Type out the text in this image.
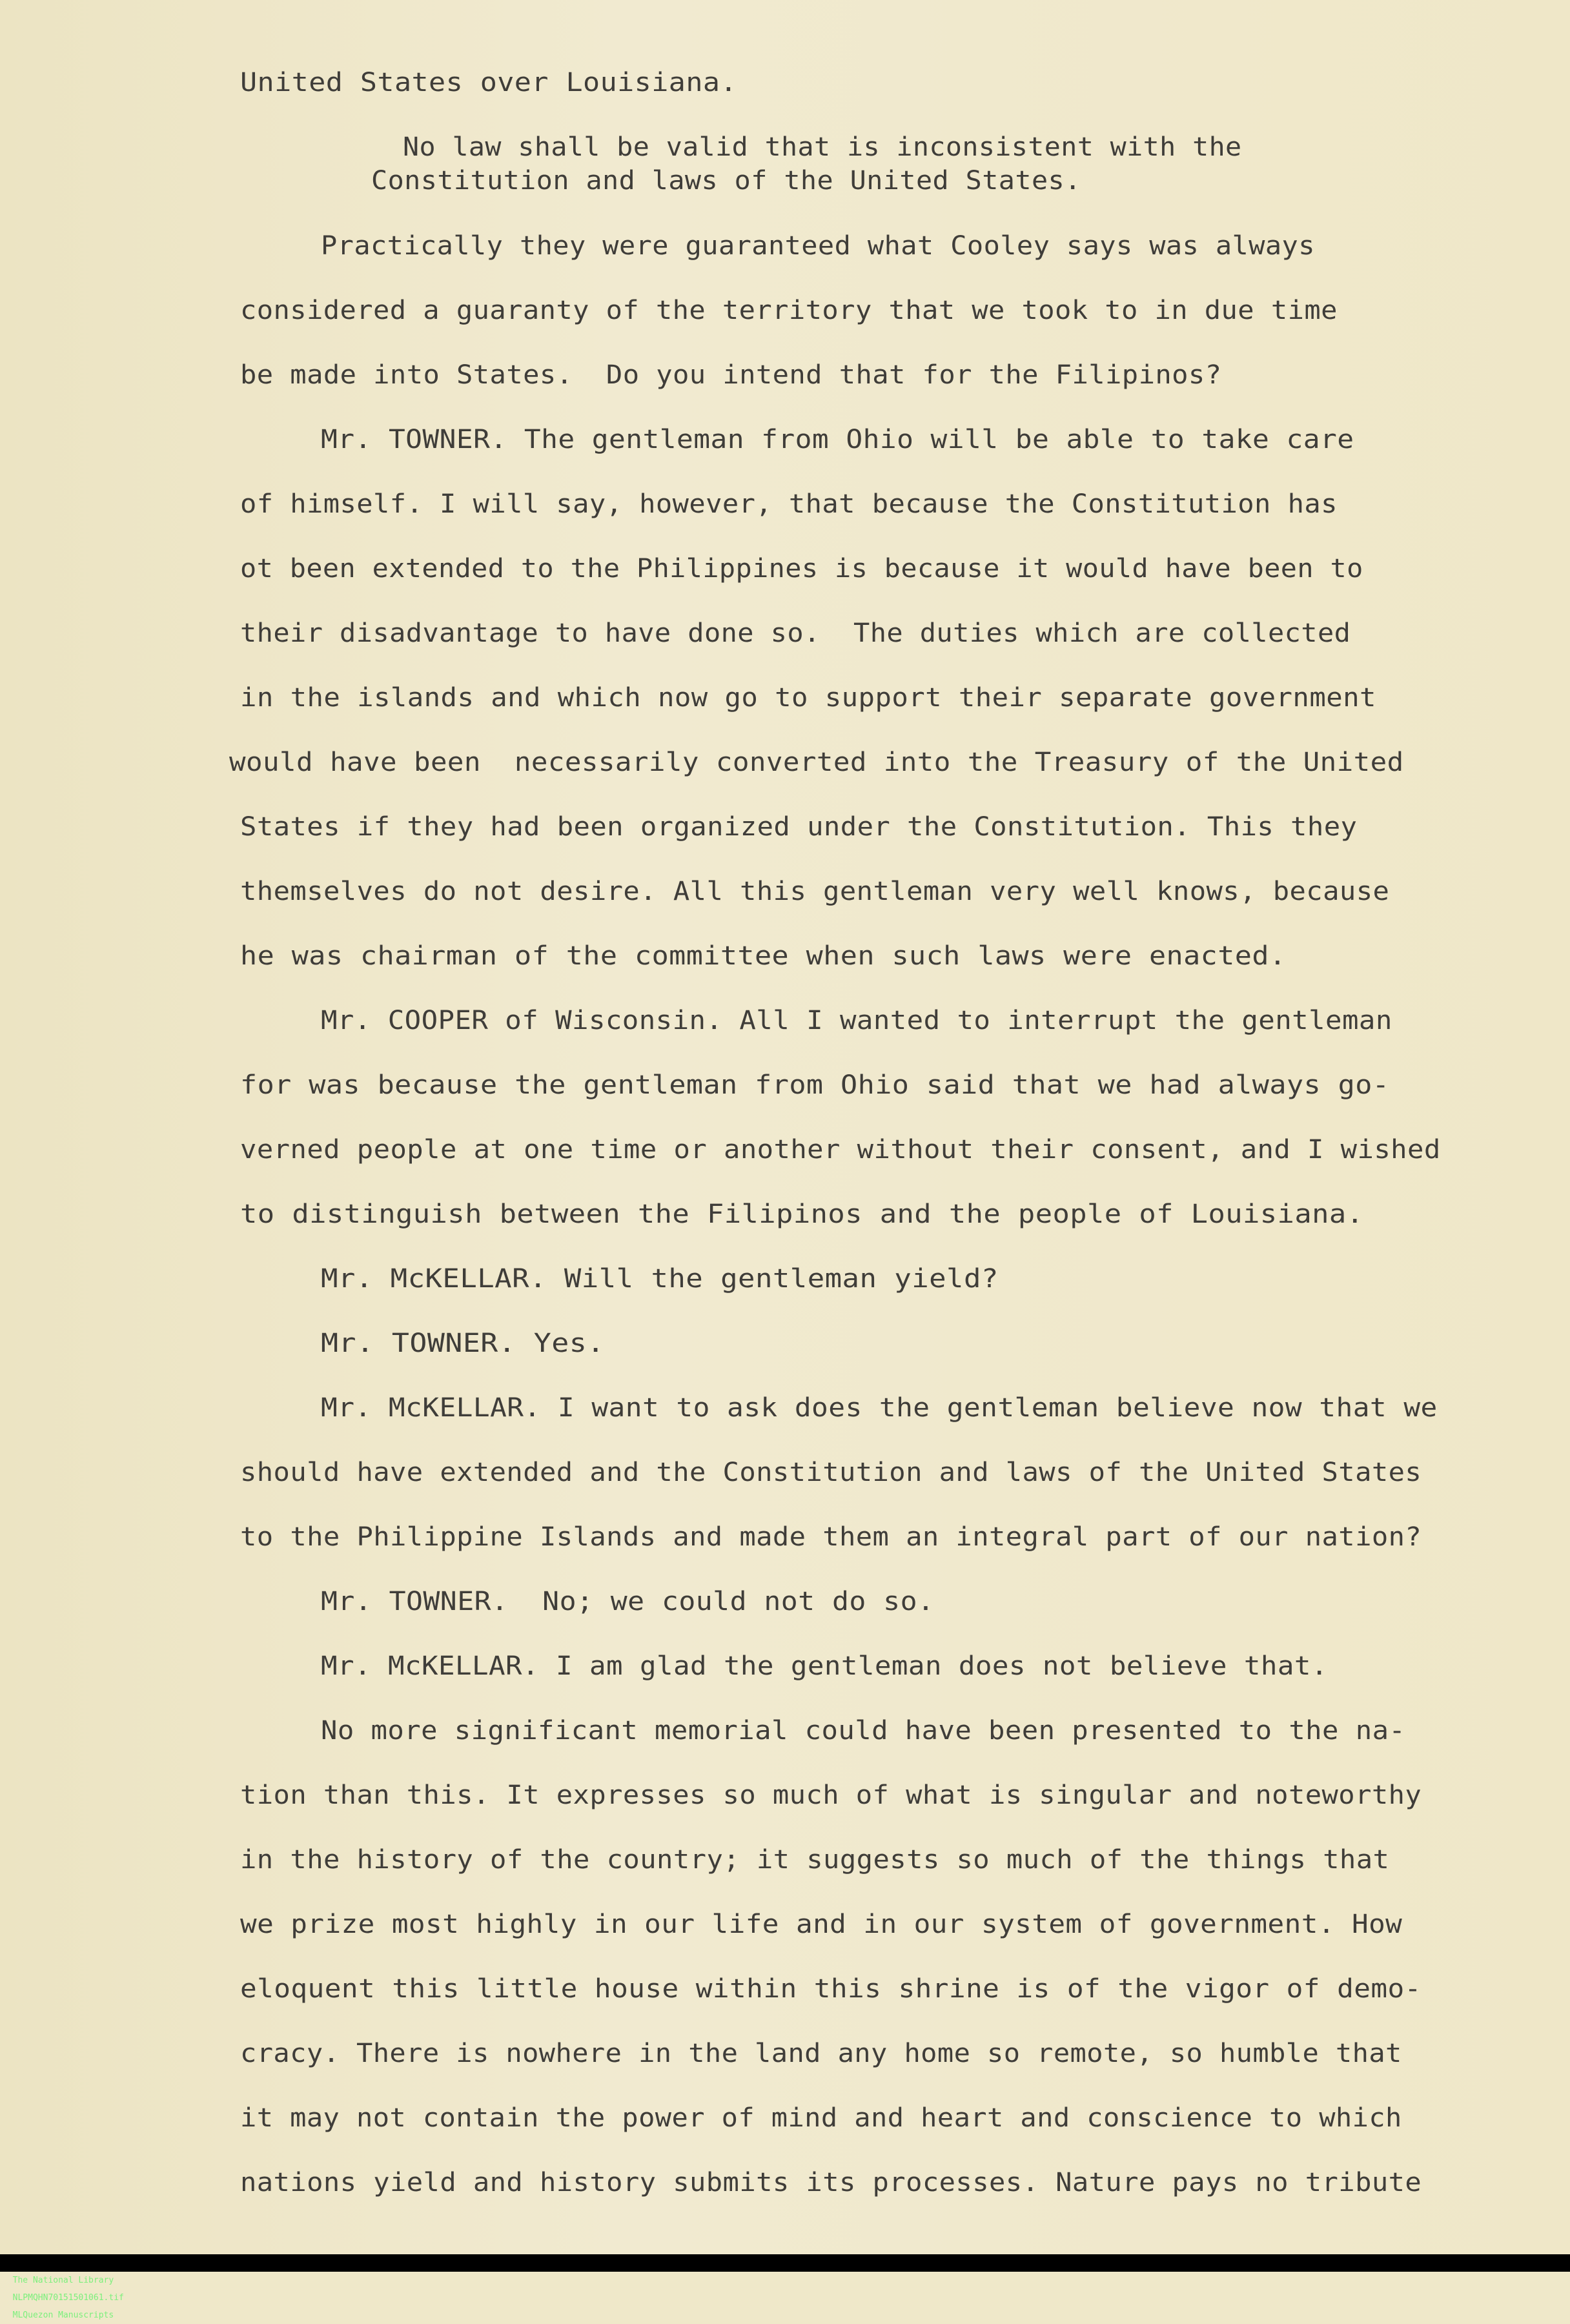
United States over Louisiana.
No law shall be valid that is inconsistent with the
Constitution and laws of the United States.
Practically they were guaranteed what Cooley says was always
considered a guaranty of the territory that we took to in due time
be made into States.  Do you intend that for the Filipinos?
Mr. TOWNER. The gentleman from Ohio will be able to take care
of himself. I will say, however, that because the Constitution has
ot been extended to the Philippines is because it would have been to
their disadvantage to have done so.  The duties which are collected
in the islands and which now go to support their separate government
would have been  necessarily converted into the Treasury of the United
States if they had been organized under the Constitution. This they
themselves do not desire. All this gentleman very well knows, because
he was chairman of the committee when such laws were enacted.
Mr. COOPER of Wisconsin. All I wanted to interrupt the gentleman
for was because the gentleman from Ohio said that we had always go-
verned people at one time or another without their consent, and I wished
to distinguish between the Filipinos and the people of Louisiana.
Mr. McKELLAR. Will the gentleman yield?
Mr. TOWNER. Yes.
Mr. McKELLAR. I want to ask does the gentleman believe now that we
should have extended and the Constitution and laws of the United States
to the Philippine Islands and made them an integral part of our nation?
Mr. TOWNER.  No; we could not do so.
Mr. McKELLAR. I am glad the gentleman does not believe that.
No more significant memorial could have been presented to the na-
tion than this. It expresses so much of what is singular and noteworthy
in the history of the country; it suggests so much of the things that
we prize most highly in our life and in our system of government. How
eloquent this little house within this shrine is of the vigor of demo-
cracy. There is nowhere in the land any home so remote, so humble that
it may not contain the power of mind and heart and conscience to which
nations yield and history submits its processes. Nature pays no tribute

The National Library
NLPMQHN70151501061.tif
MLQuezon Manuscripts
